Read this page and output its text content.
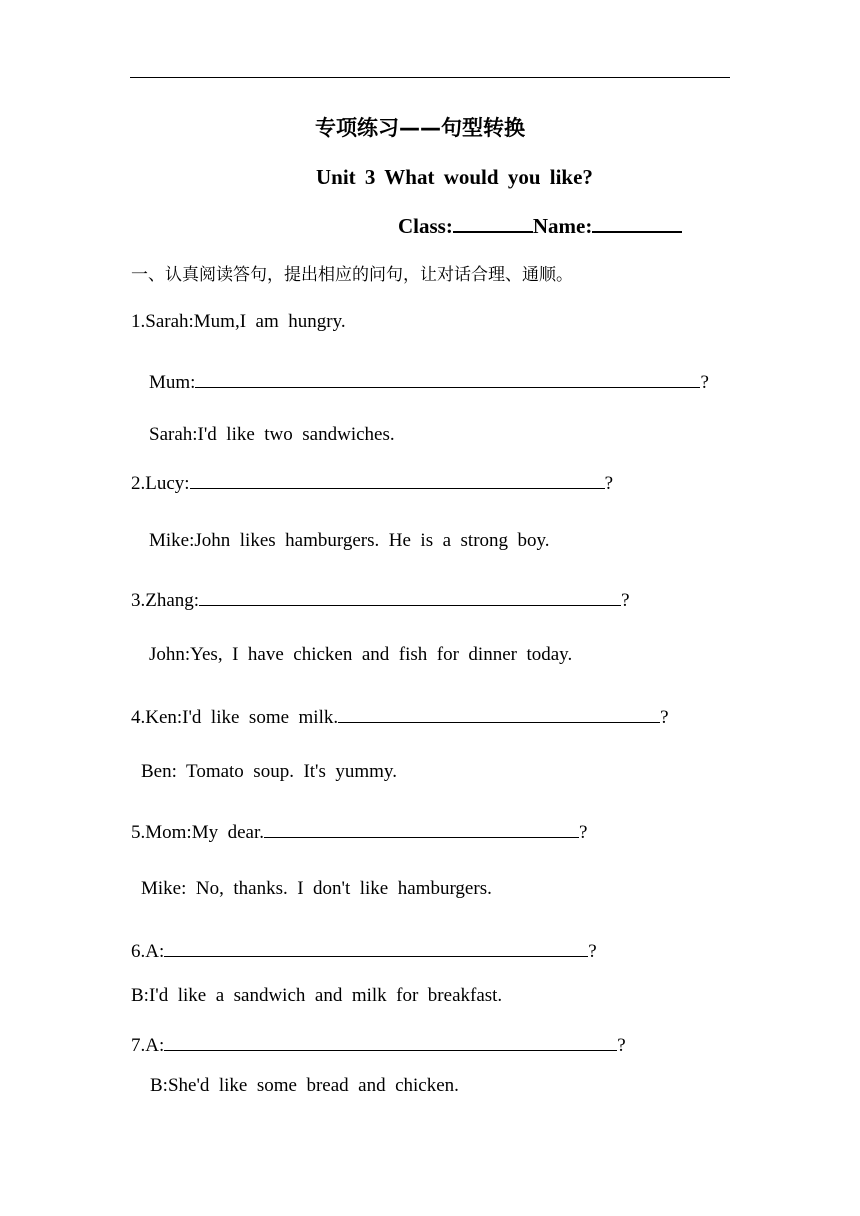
专项练习——句型转换
Unit 3 What would you like?
Class:	Name:
一、认真阅读答句，提出相应的问句，让对话合理、通顺。
1.Sarah:Mum,I  am  hungry.
Mum:	?
Sarah:I'd  like  two  sandwiches.
2.Lucy:	?
Mike:John  likes  hamburgers.  He  is  a  strong  boy.
3.Zhang:	?
John:Yes,  I  have  chicken  and  fish  for  dinner  today.
4.Ken:I'd  like  some  milk.	?
Ben:  Tomato  soup.  It's  yummy.
5.Mom:My  dear.	?
Mike:  No,  thanks.  I  don't  like  hamburgers.
6.A:	?
B:I'd  like  a  sandwich  and  milk  for  breakfast.
7.A:	?
B:She'd  like  some  bread  and  chicken.
